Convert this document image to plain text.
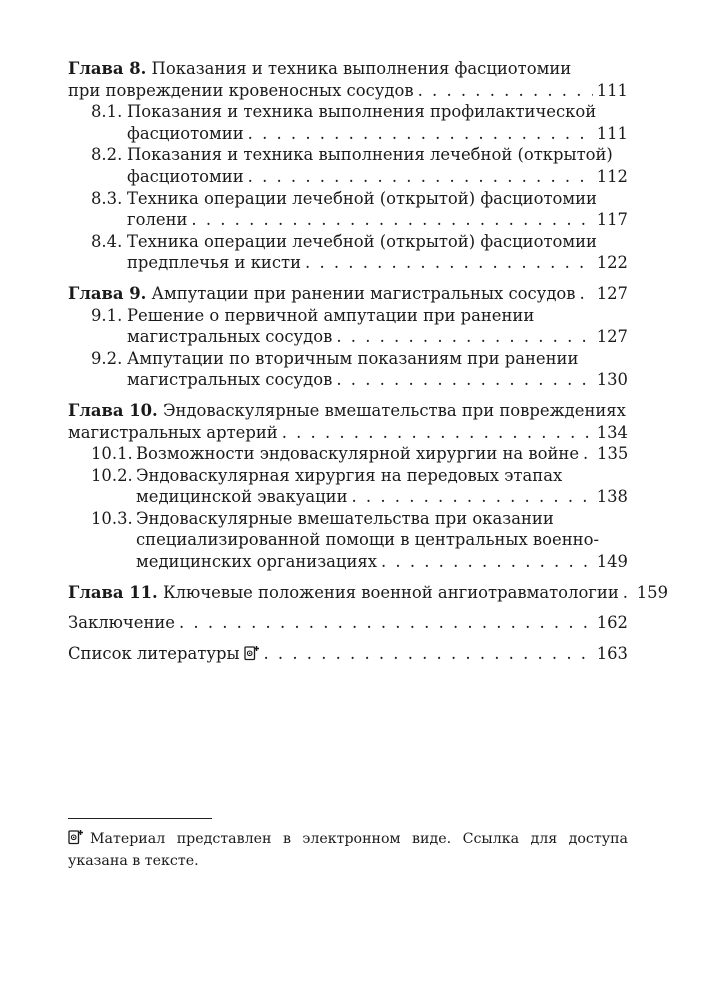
Глава 8. Показания и техника выполнения фасциотомии
при повреждении кровеносных сосудов . . .	111
8.1. Показания и техника выполнения профилактической
фасциотомии . . .	111
8.2. Показания и техника выполнения лечебной (открытой)
фасциотомии . . .	112
8.3. Техника операции лечебной (открытой) фасциотомии
голени . . .	117
8.4. Техника операции лечебной (открытой) фасциотомии
предплечья и кисти . . .	122
Глава 9. Ампутации при ранении магистральных сосудов . . . 127
9.1. Решение о первичной ампутации при ранении
магистральных сосудов . . .	127
9.2. Ампутации по вторичным показаниям при ранении
магистральных сосудов . . .	130
Глава 10. Эндоваскулярные вмешательства при повреждениях
магистральных артерий . . .	134
10.1. Возможности эндоваскулярной хирургии на войне . . . 135
10.2. Эндоваскулярная хирургия на передовых этапах
медицинской эвакуации . . .	138
10.3. Эндоваскулярные вмешательства при оказании
специализированной помощи в центральных военно-
медицинских организациях . . .	149
Глава 11. Ключевые положения военной ангиотравматологии . . . 159
Заключение . . .	162
Список литературы . . .	163
Материал представлен в электронном виде. Ссылка для доступа указана в тексте.
